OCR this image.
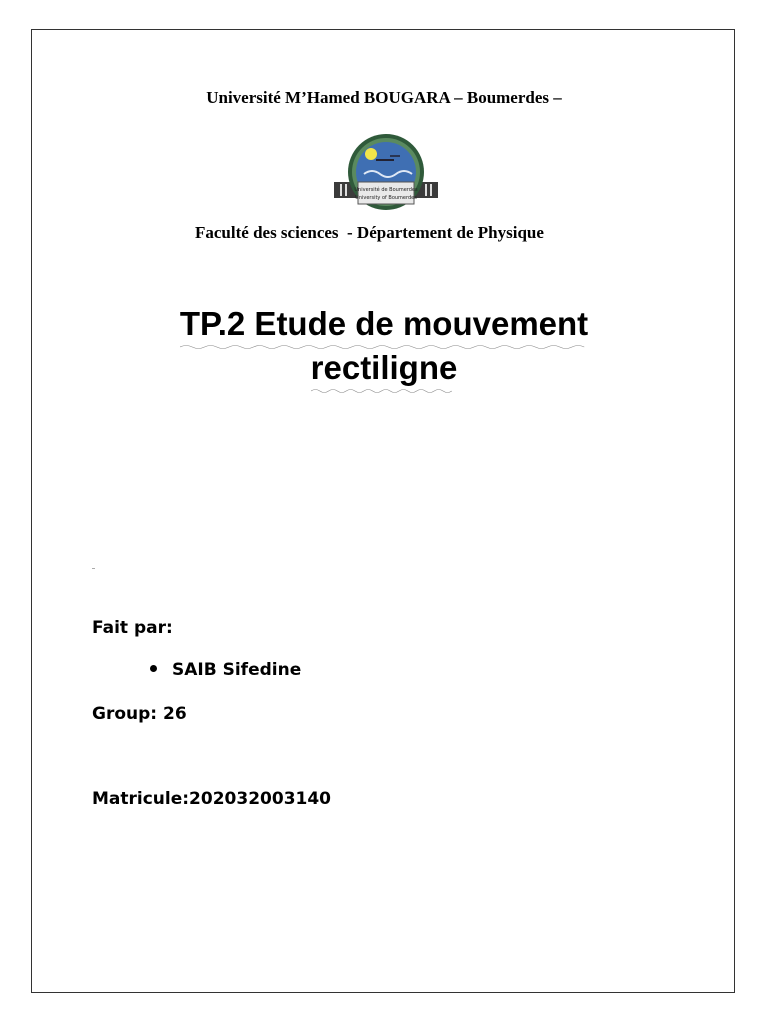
Université M’Hamed BOUGARA – Boumerdes –
Université de Boumerdes
University of Boumerdes
Faculté des sciences  - Département de Physique
TP.2 Etude de mouvement

rectiligne
Fait par:
SAIB Sifedine
Group: 26
Matricule:202032003140
